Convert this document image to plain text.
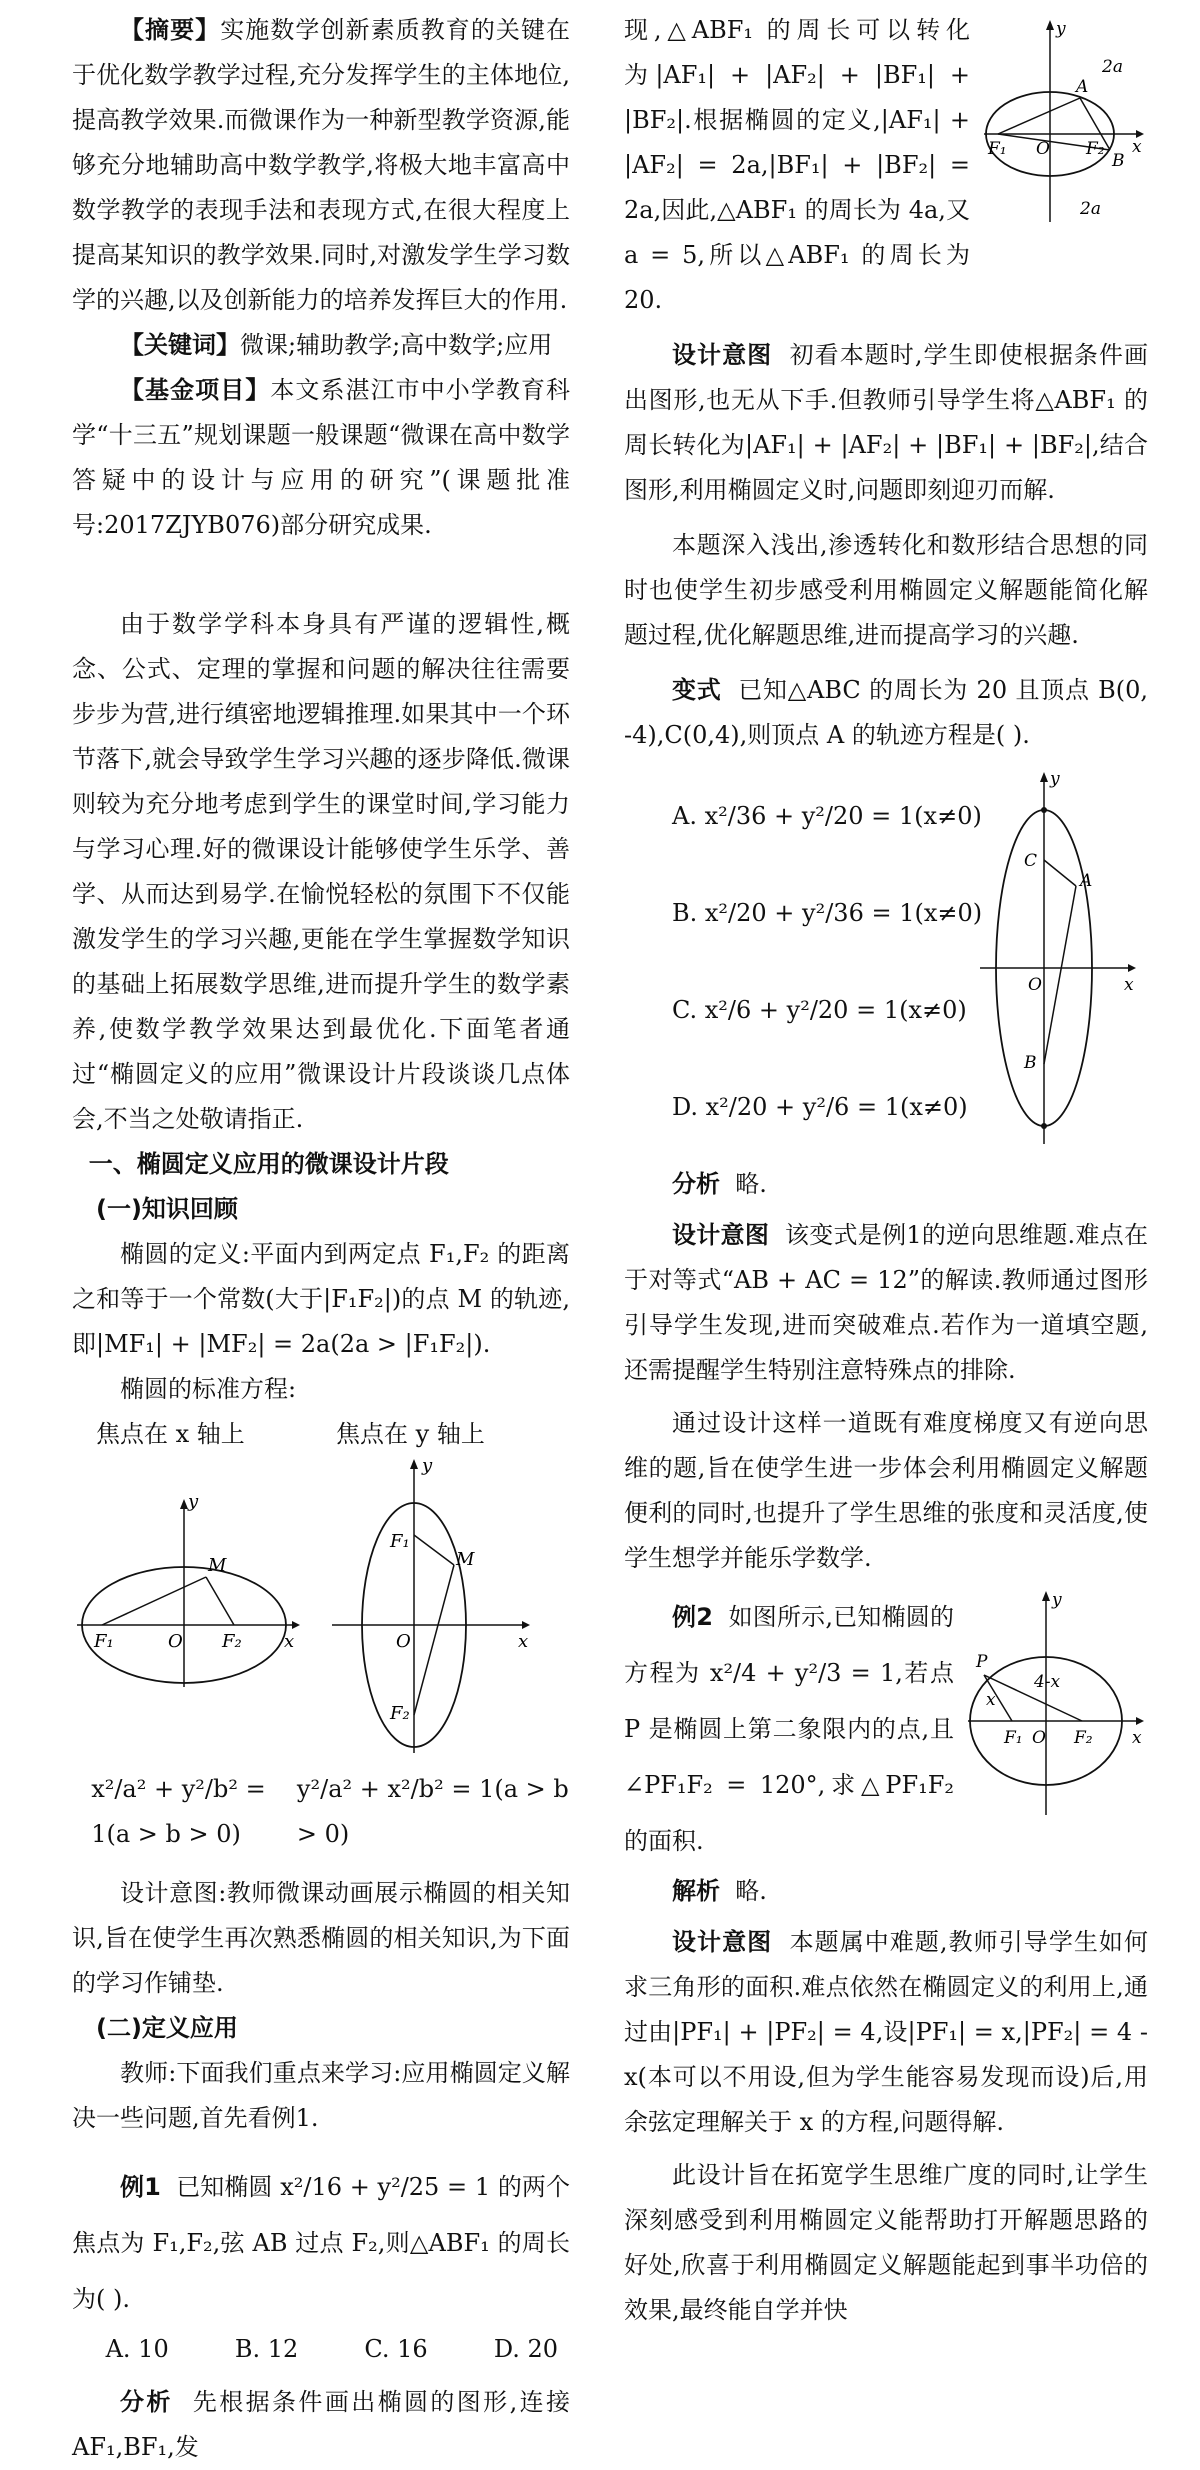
【摘要】实施数学创新素质教育的关键在于优化数学教学过程,充分发挥学生的主体地位,提高教学效果.而微课作为一种新型教学资源,能够充分地辅助高中数学教学,将极大地丰富高中数学教学的表现手法和表现方式,在很大程度上提高某知识的教学效果.同时,对激发学生学习数学的兴趣,以及创新能力的培养发挥巨大的作用.

【关键词】微课;辅助教学;高中数学;应用

【基金项目】本文系湛江市中小学教育科学“十三五”规划课题一般课题“微课在高中数学答疑中的设计与应用的研究”(课题批准号:2017ZJYB076)部分研究成果.

由于数学学科本身具有严谨的逻辑性,概念、公式、定理的掌握和问题的解决往往需要步步为营,进行缜密地逻辑推理.如果其中一个环节落下,就会导致学生学习兴趣的逐步降低.微课则较为充分地考虑到学生的课堂时间,学习能力与学习心理.好的微课设计能够使学生乐学、善学、从而达到易学.在愉悦轻松的氛围下不仅能激发学生的学习兴趣,更能在学生掌握数学知识的基础上拓展数学思维,进而提升学生的数学素养,使数学教学效果达到最优化.下面笔者通过“椭圆定义的应用”微课设计片段谈谈几点体会,不当之处敬请指正.

一、椭圆定义应用的微课设计片段

(一)知识回顾

椭圆的定义:平面内到两定点 F₁,F₂ 的距离之和等于一个常数(大于|F₁F₂|)的点 M 的轨迹,即|MF₁| + |MF₂| = 2a(2a > |F₁F₂|).

椭圆的标准方程:

焦点在 x 轴上	焦点在 y 轴上
y
M
F₁	O F₂ x
y
F₁
M
O
F₂
x
x²/a² + y²/b² = 1(a > b > 0)
y²/a² + x²/b² = 1(a > b > 0)

设计意图:教师微课动画展示椭圆的相关知识,旨在使学生再次熟悉椭圆的相关知识,为下面的学习作铺垫.

(二)定义应用

教师:下面我们重点来学习:应用椭圆定义解决一些问题,首先看例1.

例1 已知椭圆 x²/16 + y²/25 = 1 的两个焦点为 F₁,F₂,弦 AB 过点 F₂,则△ABF₁ 的周长为( ).

A. 10	B. 12	C. 16	D. 20

分析 先根据条件画出椭圆的图形,连接 AF₁,BF₁,发

y
2a
A
F₁ O F₂
B
x
2a

现,△ABF₁ 的周长可以转化为|AF₁| + |AF₂| + |BF₁| + |BF₂|.根据椭圆的定义,|AF₁| + |AF₂| = 2a,|BF₁| + |BF₂| = 2a,因此,△ABF₁ 的周长为 4a,又 a = 5,所以△ABF₁ 的周长为 20.

设计意图 初看本题时,学生即使根据条件画出图形,也无从下手.但教师引导学生将△ABF₁ 的周长转化为|AF₁| + |AF₂| + |BF₁| + |BF₂|,结合图形,利用椭圆定义时,问题即刻迎刃而解.

本题深入浅出,渗透转化和数形结合思想的同时也使学生初步感受利用椭圆定义解题能简化解题过程,优化解题思维,进而提高学习的兴趣.

变式 已知△ABC 的周长为 20 且顶点 B(0, -4),C(0,4),则顶点 A 的轨迹方程是( ).

A. x²/36 + y²/20 = 1(x≠0)

B. x²/20 + y²/36 = 1(x≠0)

C. x²/6 + y²/20 = 1(x≠0)

D. x²/20 + y²/6 = 1(x≠0)

y
C
A
O	x
B

分析 略.

设计意图 该变式是例1的逆向思维题.难点在于对等式“AB + AC = 12”的解读.教师通过图形引导学生发现,进而突破难点.若作为一道填空题,还需提醒学生特别注意特殊点的排除.

通过设计这样一道既有难度梯度又有逆向思维的题,旨在使学生进一步体会利用椭圆定义解题便利的同时,也提升了学生思维的张度和灵活度,使学生想学并能乐学数学.

y
P
4-x
x
F₁ O F₂ x

例2 如图所示,已知椭圆的方程为 x²/4 + y²/3 = 1,若点 P 是椭圆上第二象限内的点,且∠PF₁F₂ = 120°,求△PF₁F₂ 的面积.

解析 略.

设计意图 本题属中难题,教师引导学生如何求三角形的面积.难点依然在椭圆定义的利用上,通过由|PF₁| + |PF₂| = 4,设|PF₁| = x,|PF₂| = 4 - x(本可以不用设,但为学生能容易发现而设)后,用余弦定理解关于 x 的方程,问题得解.

此设计旨在拓宽学生思维广度的同时,让学生深刻感受到利用椭圆定义能帮助打开解题思路的好处,欣喜于利用椭圆定义解题能起到事半功倍的效果,最终能自学并快
